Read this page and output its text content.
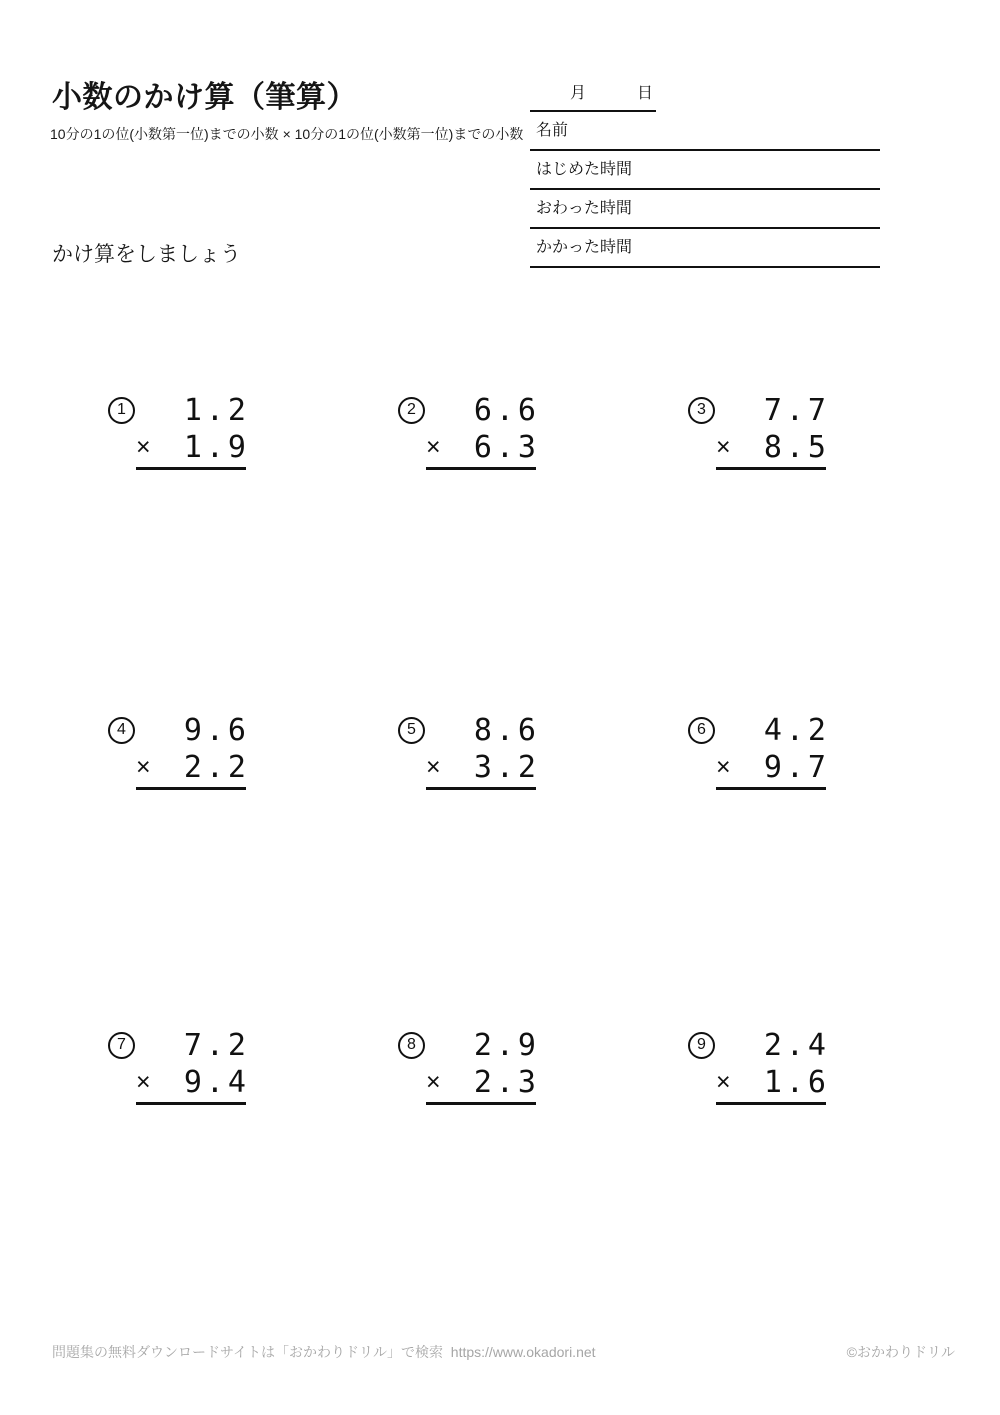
小数のかけ算（筆算）
10分の1の位(小数第一位)までの小数 × 10分の1の位(小数第一位)までの小数
かけ算をしましょう
月	日
名前
はじめた時間
おわった時間
かかった時間
1 1.2
× 1.9
2 6.6
× 6.3
3 7.7
× 8.5
4 9.6
× 2.2
5 8.6
× 3.2
6 4.2
× 9.7
7 7.2
× 9.4
8 2.9
× 2.3
9 2.4
× 1.6
問題集の無料ダウンロードサイトは「おかわりドリル」で検索  https://www.okadori.net	©おかわりドリル
